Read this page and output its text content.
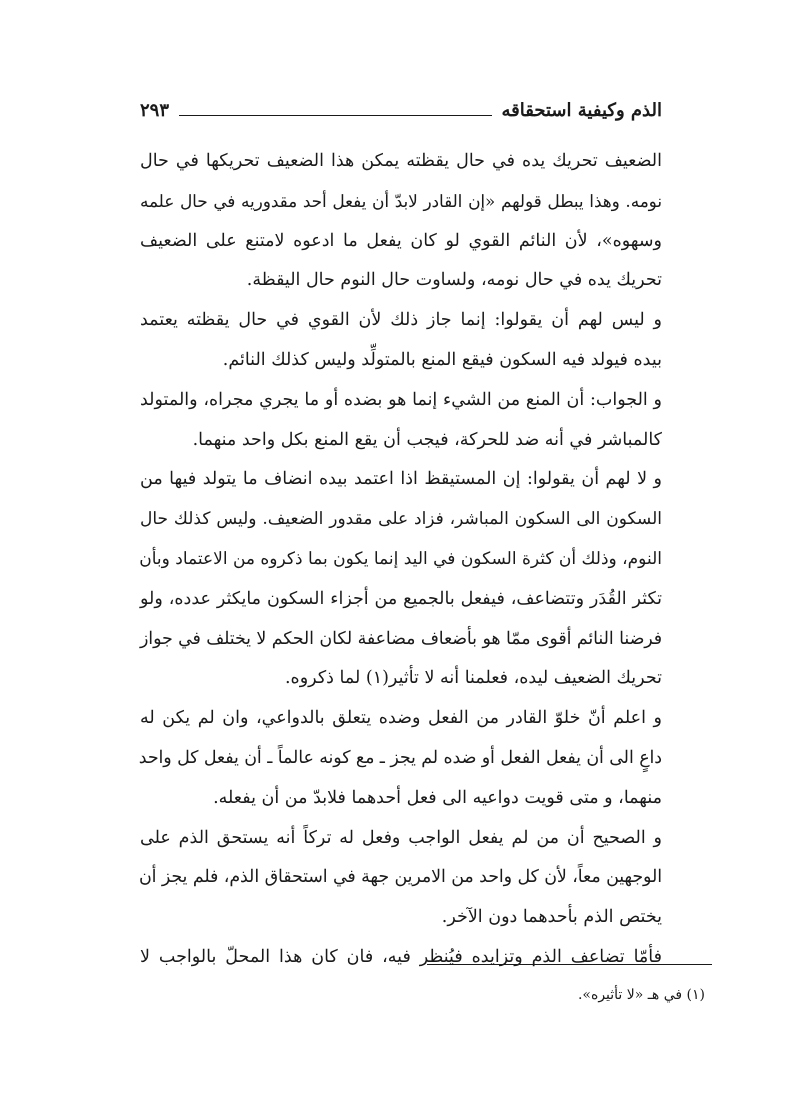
الذم وكيفية استحقاقه
٢٩٣
الضعيف تحريك يده في حال يقظته يمكن هذا الضعيف تحريكها في حال
نومه. وهذا يبطل قولهم «إن القادر لابدّ أن يفعل أحد مقدوريه في حال علمه
وسهوه»، لأن النائم القوي لو كان يفعل ما ادعوه لامتنع على الضعيف
تحريك يده في حال نومه، ولساوت حال النوم حال اليقظة.
و ليس لهم أن يقولوا: إنما جاز ذلك لأن القوي في حال يقظته يعتمد
بيده فيولد فيه السكون فيقع المنع بالمتولِّد وليس كذلك النائم.
و الجواب: أن المنع من الشيء إنما هو بضده أو ما يجري مجراه، والمتولد
كالمباشر في أنه ضد للحركة، فيجب أن يقع المنع بكل واحد منهما.
و لا لهم أن يقولوا: إن المستيقظ اذا اعتمد بيده انضاف ما يتولد فيها من
السكون الى السكون المباشر، فزاد على مقدور الضعيف. وليس كذلك حال
النوم، وذلك أن كثرة السكون في اليد إنما يكون بما ذكروه من الاعتماد وبأن
تكثر القُدَر وتتضاعف، فيفعل بالجميع من أجزاء السكون مايكثر عدده، ولو
فرضنا النائم أقوى ممّا هو بأضعاف مضاعفة لكان الحكم لا يختلف في جواز
تحريك الضعيف ليده، فعلمنا أنه لا تأثير(١) لما ذكروه.
و اعلم أنّ خلوّ القادر من الفعل وضده يتعلق بالدواعي، وان لم يكن له
داعٍ الى أن يفعل الفعل أو ضده لم يجز ـ مع كونه عالماً ـ أن يفعل كل واحد
منهما، و متى قويت دواعيه الى فعل أحدهما فلابدّ من أن يفعله.
و الصحيح أن من لم يفعل الواجب وفعل له تركاً أنه يستحق الذم على
الوجهين معاً، لأن كل واحد من الامرين جهة في استحقاق الذم، فلم يجز أن
يختص الذم بأحدهما دون الآخر.
فأمّا تضاعف الذم وتزايده فيُنظر فيه، فان كان هذا المحلّ بالواجب لا
(١) في هـ «لا تأثيره».
